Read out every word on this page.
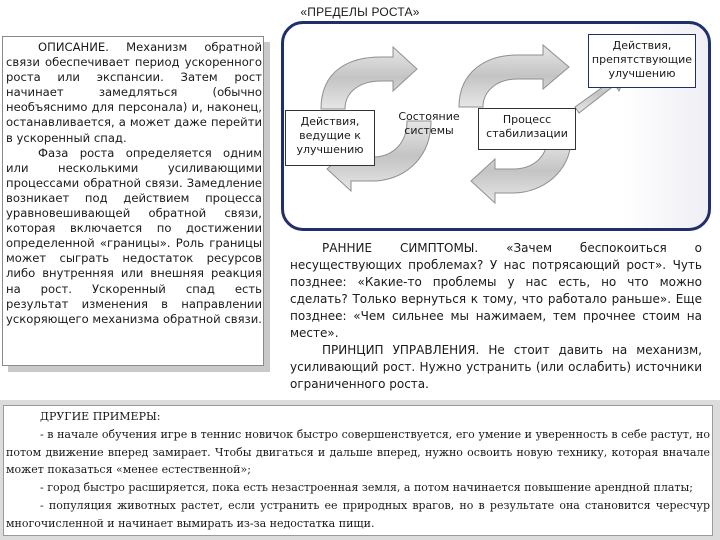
«ПРЕДЕЛЫ РОСТА»

ОПИСАНИЕ. Механизм обратной связи обеспечивает период ускоренного роста или экспансии. Затем рост начинает замедляться (обычно необъяснимо для персонала) и, наконец, останавливается, а может даже перейти в ускоренный спад.

Фаза роста определяется одним или несколькими усиливающими процессами обратной связи. Замедление возникает под действием процесса уравновешивающей обратной связи, которая включается по достижении определенной «границы». Роль границы может сыграть недостаток ресурсов либо внутренняя или внешняя реакция на рост. Ускоренный спад есть результат изменения в направлении ускоряющего механизма обратной связи.

Действия, ведущие к улучшению
Состояние системы
Процесс стабилизации
Действия, препятствующие улучшению

РАННИЕ СИМПТОМЫ. «Зачем беспокоиться о несуществующих проблемах? У нас потрясающий рост». Чуть позднее: «Какие-то проблемы у нас есть, но что можно сделать? Только вернуться к тому, что работало раньше». Еще позднее: «Чем сильнее мы нажимаем, тем прочнее стоим на месте».

ПРИНЦИП УПРАВЛЕНИЯ. Не стоит давить на механизм, усиливающий рост. Нужно устранить (или ослабить) источники ограниченного роста.

ДРУГИЕ ПРИМЕРЫ:

- в начале обучения игре в теннис новичок быстро совершенствуется, его умение и уверенность в себе растут, но потом движение вперед замирает. Чтобы двигаться и дальше вперед, нужно освоить новую технику, которая вначале может показаться «менее естественной»;

- город быстро расширяется, пока есть незастроенная земля, а потом начинается повышение арендной платы;

- популяция животных растет, если устранить ее природных врагов, но в результате она становится чересчур многочисленной и начинает вымирать из-за недостатка пищи.
